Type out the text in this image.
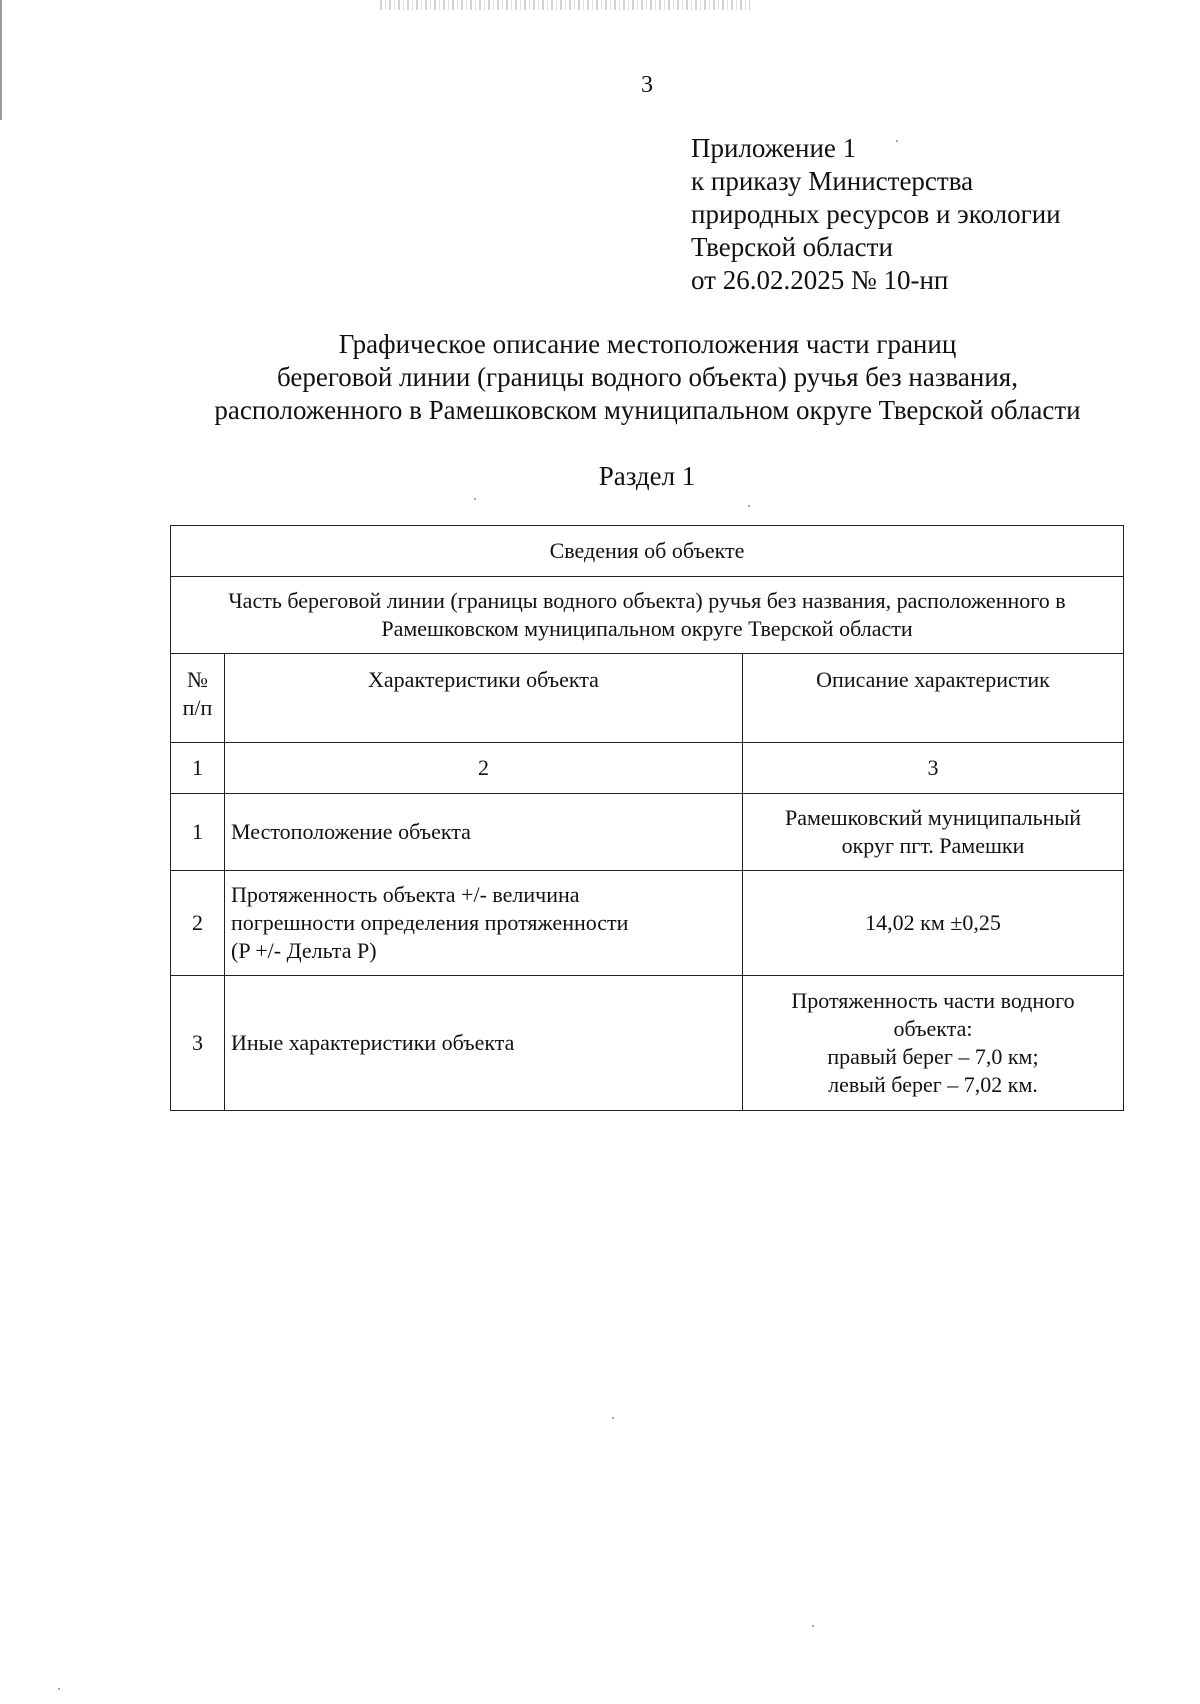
3
Приложение 1
к приказу Министерства
природных ресурсов и экологии
Тверской области
от 26.02.2025 № 10-нп
Графическое описание местоположения части границ
береговой линии (границы водного объекта) ручья без названия,
расположенного в Рамешковском муниципальном округе Тверской области
Раздел 1
Сведения об объекте		

Часть береговой линии (границы водного объекта) ручья без названия, расположенного в
Рамешковском муниципальном округе Тверской области		

№
п/п	Характеристики объекта	Описание характеристик
1	2	3
1	Местоположение объекта	Рамешковский муниципальный
округ пгт. Рамешки

2	Протяженность объекта +/- величина
погрешности определения протяженности
(P +/- Дельта P)	14,02 км ±0,25

3	Иные характеристики объекта	Протяженность части водного
объекта:
правый берег – 7,0 км;
левый берег – 7,02 км.
